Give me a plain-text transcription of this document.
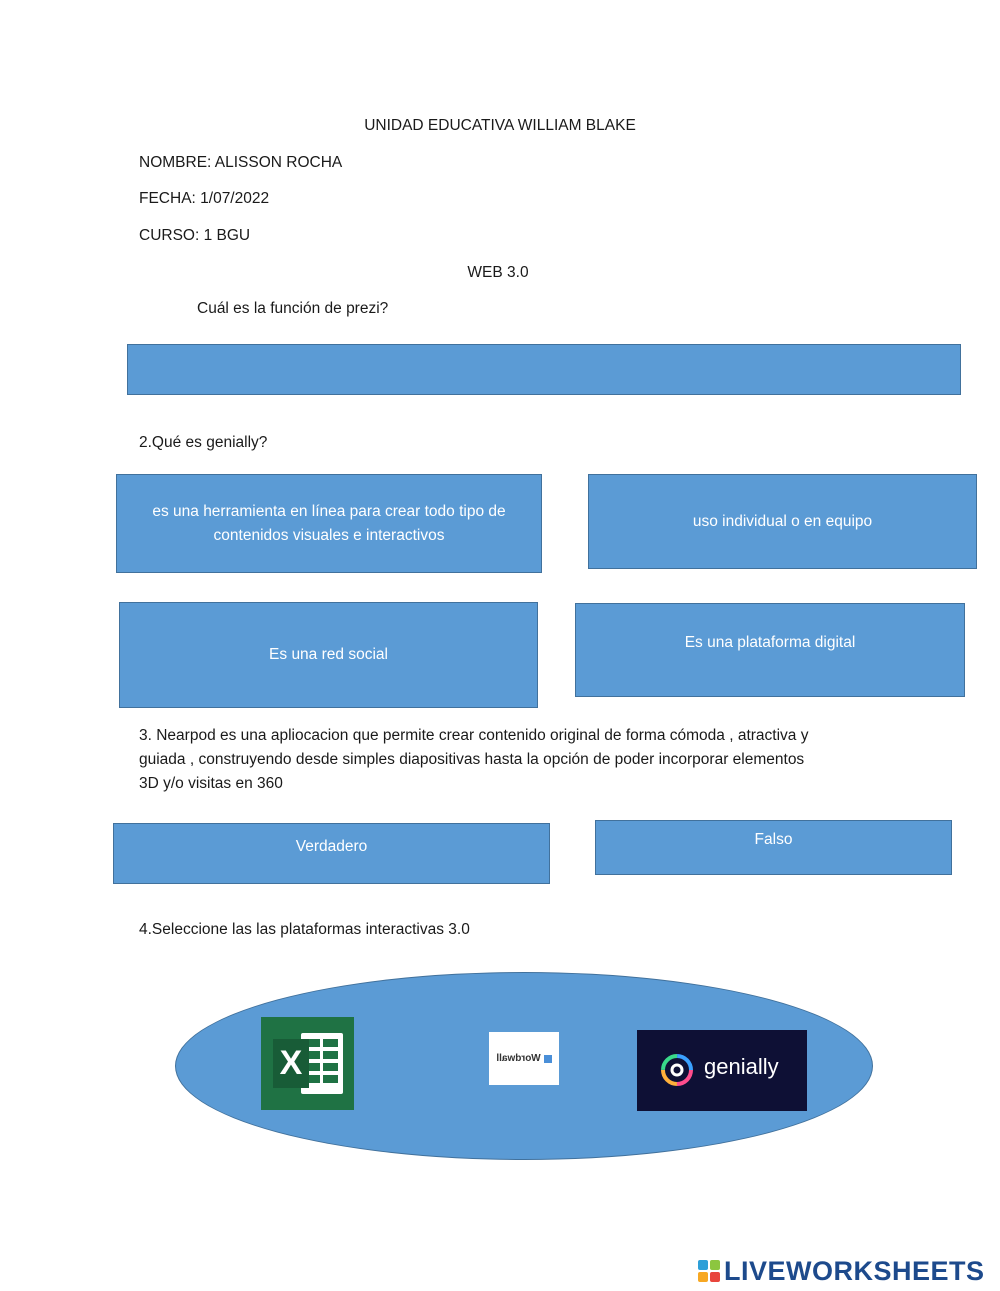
UNIDAD EDUCATIVA WILLIAM BLAKE
NOMBRE: ALISSON ROCHA
FECHA: 1/07/2022
CURSO: 1 BGU
WEB 3.0
Cuál es la función de prezi?
2.Qué es genially?
es una herramienta en línea para crear todo tipo de contenidos visuales e interactivos
uso individual o en equipo
Es una red social
Es una plataforma digital
3. Nearpod es una apliocacion que permite crear contenido original de forma cómoda , atractiva y
guiada , construyendo desde simples diapositivas hasta la opción de poder incorporar elementos
3D y/o visitas en 360
Verdadero	Falso
4.Seleccione las las plataformas interactivas 3.0
X	Wordwall	genially
LIVEWORKSHEETS
